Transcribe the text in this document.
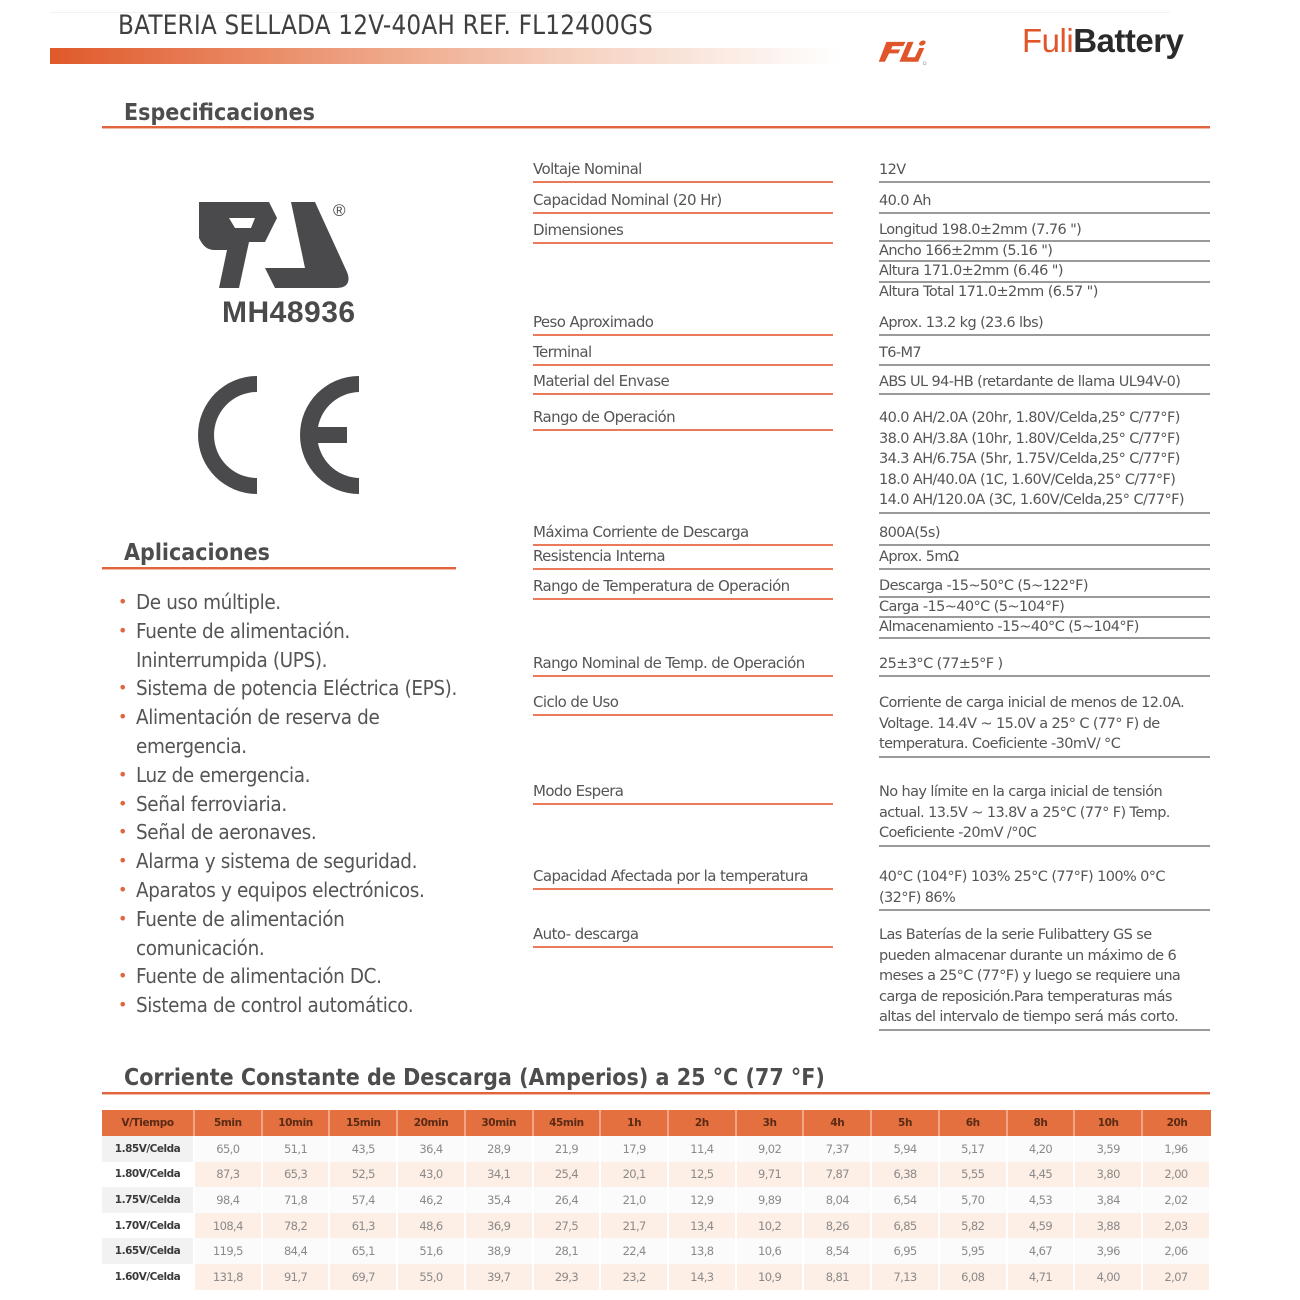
BATERIA SELLADA 12V-40AH REF. FL12400GS	FuliBattery
Especificaciones
®
MH48936
Aplicaciones
• De uso múltiple.
• Fuente de alimentación.
Ininterrumpida (UPS).
• Sistema de potencia Eléctrica (EPS).
• Alimentación de reserva de
emergencia.
• Luz de emergencia.
• Señal ferroviaria.
• Señal de aeronaves.
• Alarma y sistema de seguridad.
• Aparatos y equipos electrónicos.
• Fuente de alimentación
comunicación.
• Fuente de alimentación DC.
• Sistema de control automático.
Voltaje Nominal	12V
Capacidad Nominal (20 Hr)	40.0 Ah
Dimensiones	Longitud 198.0±2mm (7.76 ")
Ancho 166±2mm (5.16 ")
Altura 171.0±2mm (6.46 ")
Altura Total 171.0±2mm (6.57 ")
Peso Aproximado	Aprox. 13.2 kg (23.6 lbs)
Terminal	T6-M7
Material del Envase	ABS UL 94-HB (retardante de llama UL94V-0)
Rango de Operación	40.0 AH/2.0A (20hr, 1.80V/Celda,25° C/77°F)
38.0 AH/3.8A (10hr, 1.80V/Celda,25° C/77°F)
34.3 AH/6.75A (5hr, 1.75V/Celda,25° C/77°F)
18.0 AH/40.0A (1C, 1.60V/Celda,25° C/77°F)
14.0 AH/120.0A (3C, 1.60V/Celda,25° C/77°F)
Máxima Corriente de Descarga	800A(5s)
Resistencia Interna	Aprox. 5mΩ
Rango de Temperatura de Operación	Descarga -15~50°C (5~122°F)
Carga -15~40°C (5~104°F)
Almacenamiento -15~40°C (5~104°F)
Rango Nominal de Temp. de Operación	25±3°C (77±5°F )
Ciclo de Uso	Corriente de carga inicial de menos de 12.0A.
Voltage. 14.4V ~ 15.0V a 25° C (77° F) de
temperatura. Coeficiente -30mV/ °C
Modo Espera	No hay límite en la carga inicial de tensión
actual. 13.5V ~ 13.8V a 25°C (77° F) Temp.
Coeficiente -20mV /°0C
Capacidad Afectada por la temperatura	40°C (104°F) 103% 25°C (77°F) 100% 0°C
(32°F) 86%
Auto- descarga	Las Baterías de la serie Fulibattery GS se
pueden almacenar durante un máximo de 6
meses a 25°C (77°F) y luego se requiere una
carga de reposición.Para temperaturas más
altas del intervalo de tiempo será más corto.
Corriente Constante de Descarga (Amperios) a 25 °C (77 °F)
V/Tiempo	5min	10min	15min	20min	30min	45min	1h	2h	3h	4h	5h	6h	8h	10h	20h
1.85V/Celda	65,0	51,1	43,5	36,4	28,9	21,9	17,9	11,4	9,02	7,37	5,94	5,17	4,20	3,59	1,96
1.80V/Celda	87,3	65,3	52,5	43,0	34,1	25,4	20,1	12,5	9,71	7,87	6,38	5,55	4,45	3,80	2,00
1.75V/Celda	98,4	71,8	57,4	46,2	35,4	26,4	21,0	12,9	9,89	8,04	6,54	5,70	4,53	3,84	2,02
1.70V/Celda	108,4	78,2	61,3	48,6	36,9	27,5	21,7	13,4	10,2	8,26	6,85	5,82	4,59	3,88	2,03
1.65V/Celda	119,5	84,4	65,1	51,6	38,9	28,1	22,4	13,8	10,6	8,54	6,95	5,95	4,67	3,96	2,06
1.60V/Celda	131,8	91,7	69,7	55,0	39,7	29,3	23,2	14,3	10,9	8,81	7,13	6,08	4,71	4,00	2,07
